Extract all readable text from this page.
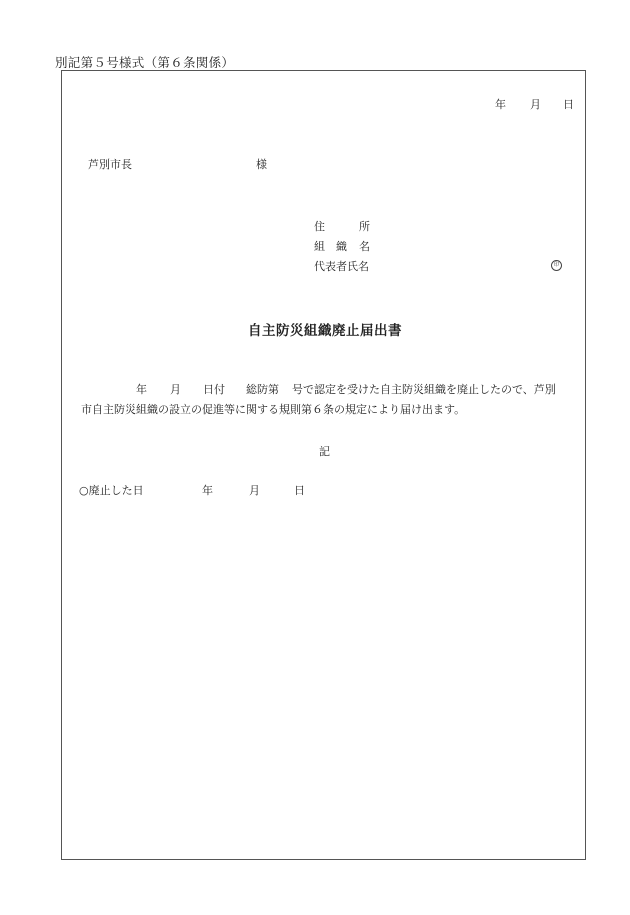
別記第５号様式（第６条関係）
年 月 日
芦別市長	様
住	所
組 織 名
代表者氏名	印
自主防災組織廃止届出書
年 月 日付 総防第 号で認定を受けた自主防災組織を廃止したので、芦別
市自主防災組織の設立の促進等に関する規則第６条の規定により届け出ます。
記
○廃止した日	年	月	日
